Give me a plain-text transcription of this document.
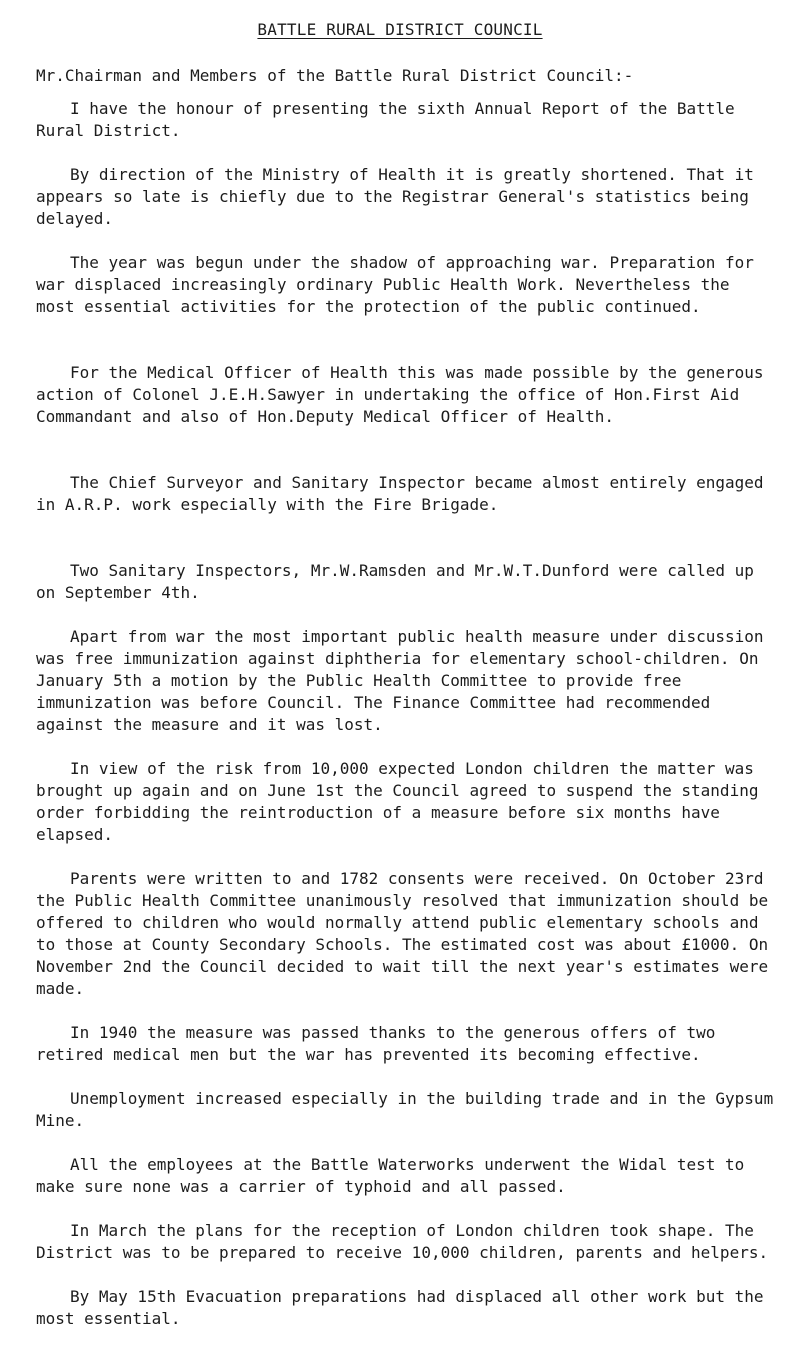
BATTLE RURAL DISTRICT COUNCIL
Mr.Chairman and Members of the Battle Rural District Council:-

I have the honour of presenting the sixth Annual Report of the Battle Rural District.

By direction of the Ministry of Health it is greatly shortened. That it appears so late is chiefly due to the Registrar General's statistics being delayed.

The year was begun under the shadow of approaching war. Preparation for war displaced increasingly ordinary Public Health Work. Nevertheless the most essential activities for the protection of the public continued.

For the Medical Officer of Health this was made possible by the generous action of Colonel J.E.H.Sawyer in undertaking the office of Hon.First Aid Commandant and also of Hon.Deputy Medical Officer of Health.

The Chief Surveyor and Sanitary Inspector became almost entirely engaged in A.R.P. work especially with the Fire Brigade.

Two Sanitary Inspectors, Mr.W.Ramsden and Mr.W.T.Dunford were called up on September 4th.

Apart from war the most important public health measure under discussion was free immunization against diphtheria for elementary school-children. On January 5th a motion by the Public Health Committee to provide free immunization was before Council. The Finance Committee had recommended against the measure and it was lost.

In view of the risk from 10,000 expected London children the matter was brought up again and on June 1st the Council agreed to suspend the standing order forbidding the reintroduction of a measure before six months have elapsed.

Parents were written to and 1782 consents were received. On October 23rd the Public Health Committee unanimously resolved that immunization should be offered to children who would normally attend public elementary schools and to those at County Secondary Schools. The estimated cost was about £1000. On November 2nd the Council decided to wait till the next year's estimates were made.

In 1940 the measure was passed thanks to the generous offers of two retired medical men but the war has prevented its becoming effective.

Unemployment increased especially in the building trade and in the Gypsum Mine.

All the employees at the Battle Waterworks underwent the Widal test to make sure none was a carrier of typhoid and all passed.

In March the plans for the reception of London children took shape. The District was to be prepared to receive 10,000 children, parents and helpers.

By May 15th Evacuation preparations had displaced all other work but the most essential.
